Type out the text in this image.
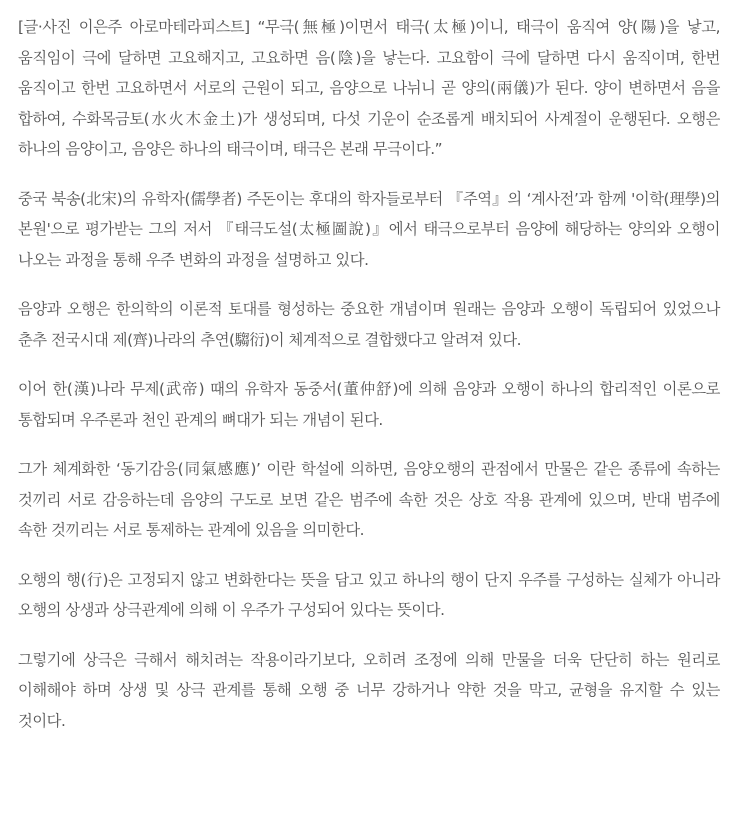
[글·사진 이은주 아로마테라피스트] “무극(無極)이면서 태극(太極)이니, 태극이 움직여 양(陽)을 낳고, 움직임이 극에 달하면 고요해지고, 고요하면 음(陰)을 낳는다. 고요함이 극에 달하면 다시 움직이며, 한번 움직이고 한번 고요하면서 서로의 근원이 되고, 음양으로 나뉘니 곧 양의(兩儀)가 된다. 양이 변하면서 음을 합하여, 수화목금토(水火木金土)가 생성되며, 다섯 기운이 순조롭게 배치되어 사계절이 운행된다. 오행은 하나의 음양이고, 음양은 하나의 태극이며, 태극은 본래 무극이다.”

중국 북송(北宋)의 유학자(儒學者) 주돈이는 후대의 학자들로부터 『주역』의 ‘계사전’과 함께 '이학(理學)의 본원'으로 평가받는 그의 저서 『태극도설(太極圖說)』에서 태극으로부터 음양에 해당하는 양의와 오행이 나오는 과정을 통해 우주 변화의 과정을 설명하고 있다.

음양과 오행은 한의학의 이론적 토대를 형성하는 중요한 개념이며 원래는 음양과 오행이 독립되어 있었으나 춘추 전국시대 제(齊)나라의 추연(騶衍)이 체계적으로 결합했다고 알려져 있다.

이어 한(漢)나라 무제(武帝) 때의 유학자 동중서(董仲舒)에 의해 음양과 오행이 하나의 합리적인 이론으로 통합되며 우주론과 천인 관계의 뼈대가 되는 개념이 된다.

그가 체계화한 ‘동기감응(同氣感應)’ 이란 학설에 의하면, 음양오행의 관점에서 만물은 같은 종류에 속하는 것끼리 서로 감응하는데 음양의 구도로 보면 같은 범주에 속한 것은 상호 작용 관계에 있으며, 반대 범주에 속한 것끼리는 서로 통제하는 관계에 있음을 의미한다.

오행의 행(行)은 고정되지 않고 변화한다는 뜻을 담고 있고 하나의 행이 단지 우주를 구성하는 실체가 아니라 오행의 상생과 상극관계에 의해 이 우주가 구성되어 있다는 뜻이다.

그렇기에 상극은 극해서 해치려는 작용이라기보다, 오히려 조정에 의해 만물을 더욱 단단히 하는 원리로 이해해야 하며 상생 및 상극 관계를 통해 오행 중 너무 강하거나 약한 것을 막고, 균형을 유지할 수 있는 것이다.
